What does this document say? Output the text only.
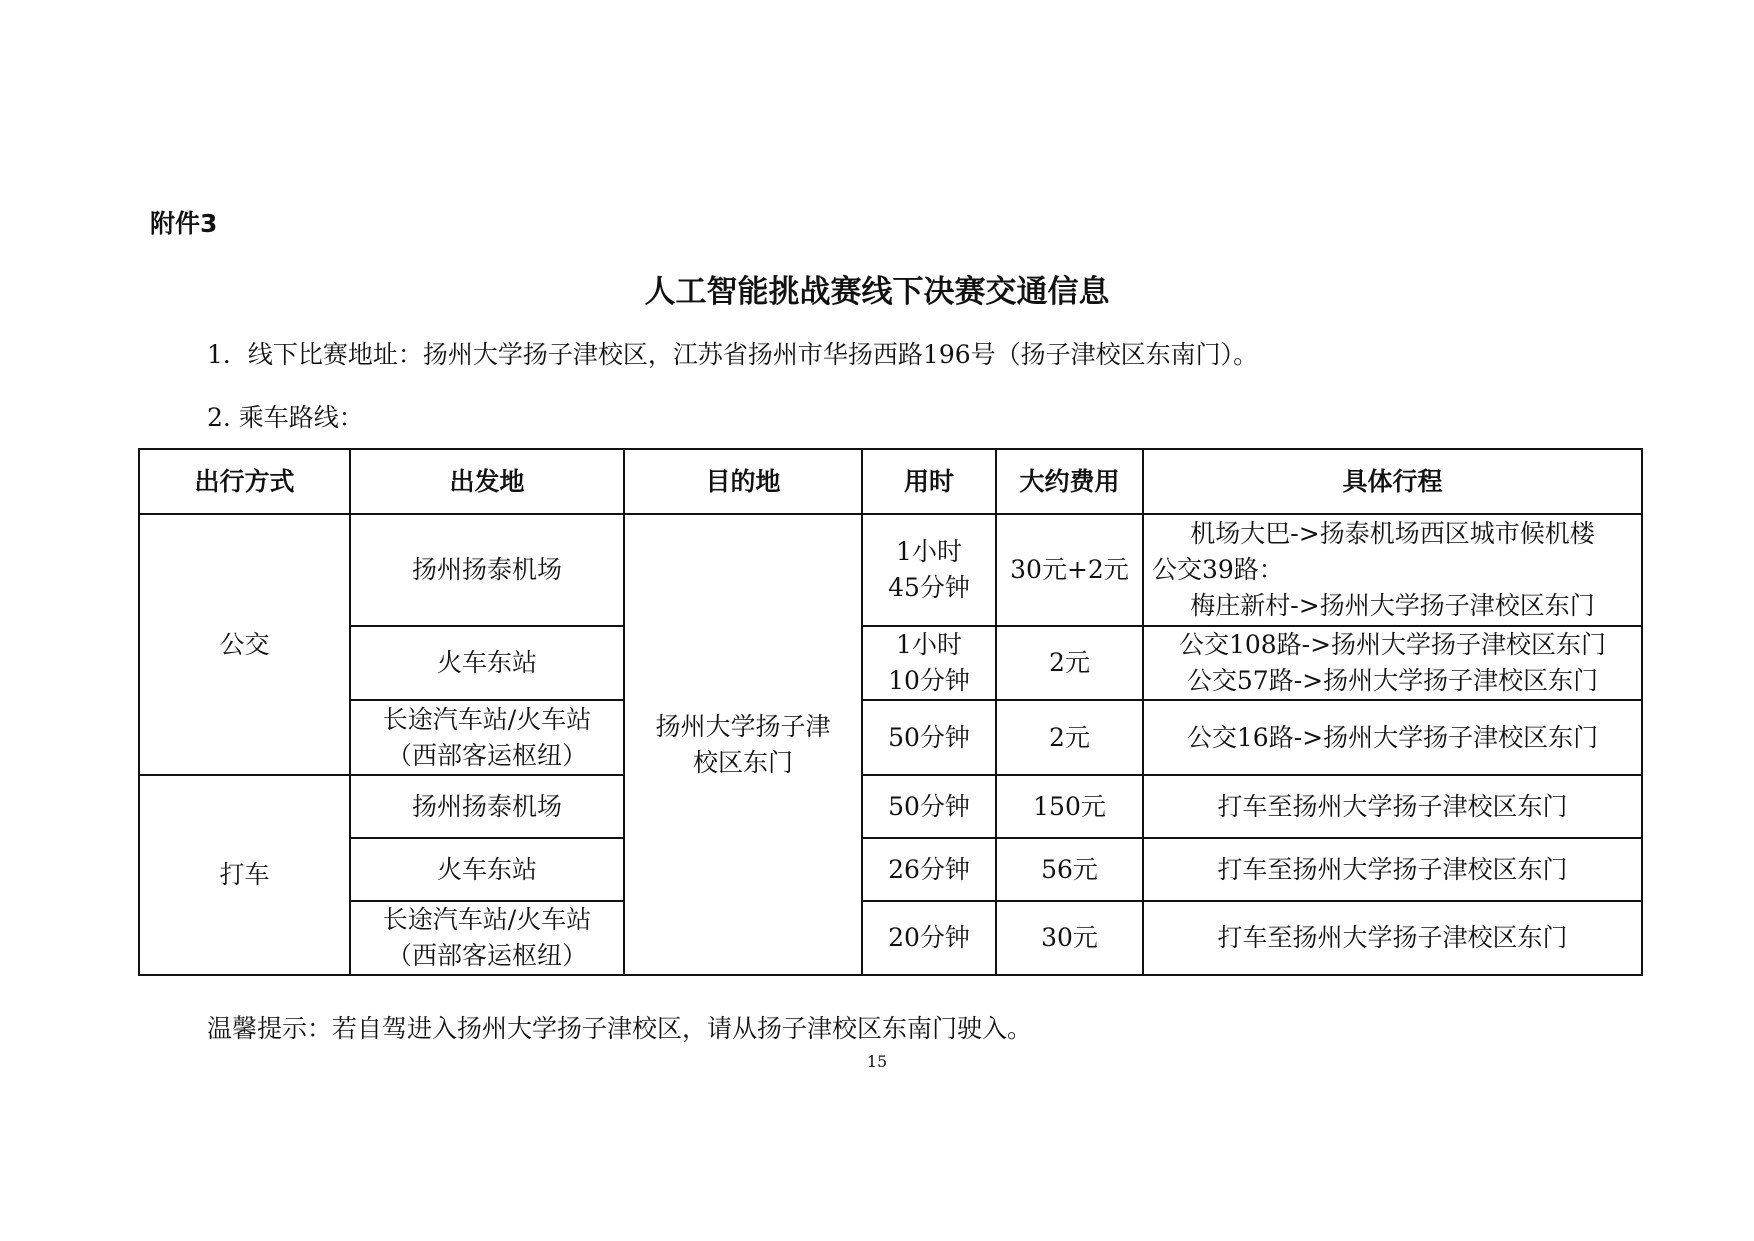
附件3
人工智能挑战赛线下决赛交通信息
1．线下比赛地址：扬州大学扬子津校区，江苏省扬州市华扬西路196号（扬子津校区东南门）。
2. 乘车路线：
出行方式	出发地	目的地	用时	大约费用	具体行程

公交	扬州扬泰机场	扬州大学扬子津
校区东门	1小时
45分钟	30元+2元	机场大巴->扬泰机场西区城市候机楼
公交39路：
梅庄新村->扬州大学扬子津校区东门

	火车东站		1小时
10分钟	2元	公交108路->扬州大学扬子津校区东门
公交57路->扬州大学扬子津校区东门

	长途汽车站/火车站
（西部客运枢纽）		50分钟	2元	公交16路->扬州大学扬子津校区东门

打车	扬州扬泰机场		50分钟	150元	打车至扬州大学扬子津校区东门

	火车东站		26分钟	56元	打车至扬州大学扬子津校区东门

	长途汽车站/火车站
（西部客运枢纽）		20分钟	30元	打车至扬州大学扬子津校区东门
温馨提示：若自驾进入扬州大学扬子津校区，请从扬子津校区东南门驶入。
15
